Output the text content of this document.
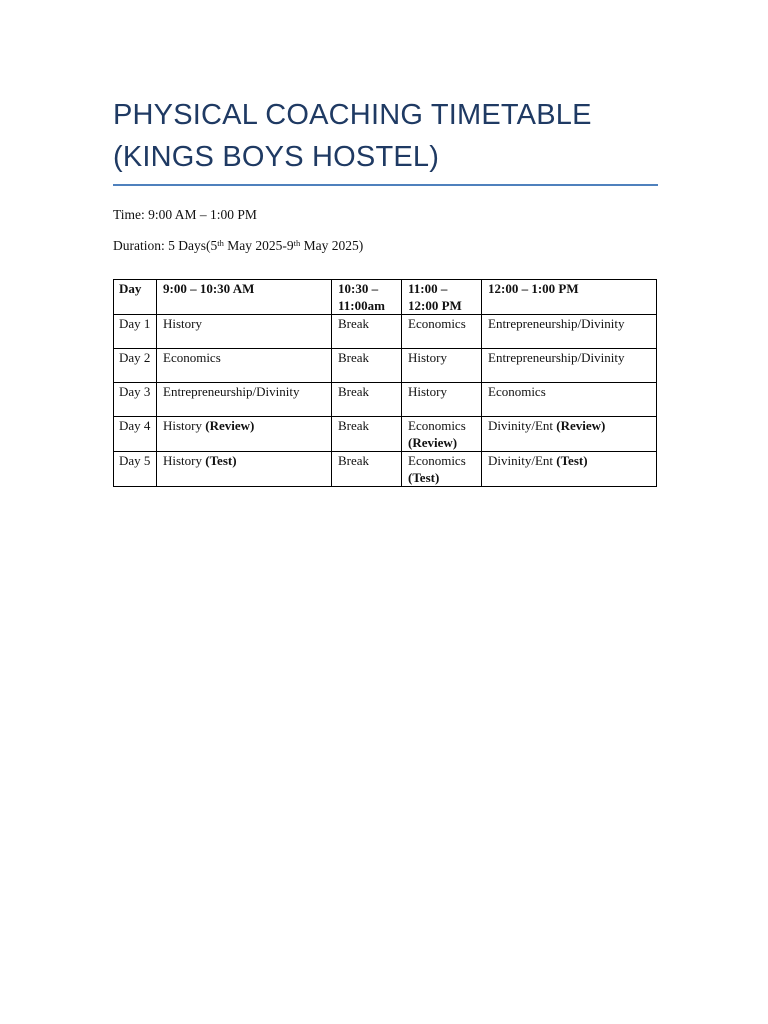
PHYSICAL COACHING TIMETABLE
(KINGS BOYS HOSTEL)
Time: 9:00 AM – 1:00 PM
Duration: 5 Days(5th May 2025-9th May 2025)
Day	9:00 – 10:30 AM	10:30 – 11:00am	11:00 – 12:00 PM	12:00 – 1:00 PM
Day 1	History	Break	Economics	Entrepreneurship/Divinity
Day 2	Economics	Break	History	Entrepreneurship/Divinity
Day 3	Entrepreneurship/Divinity	Break	History	Economics
Day 4	History (Review)	Break	Economics (Review)	Divinity/Ent (Review)
Day 5	History (Test)	Break	Economics (Test)	Divinity/Ent (Test)
